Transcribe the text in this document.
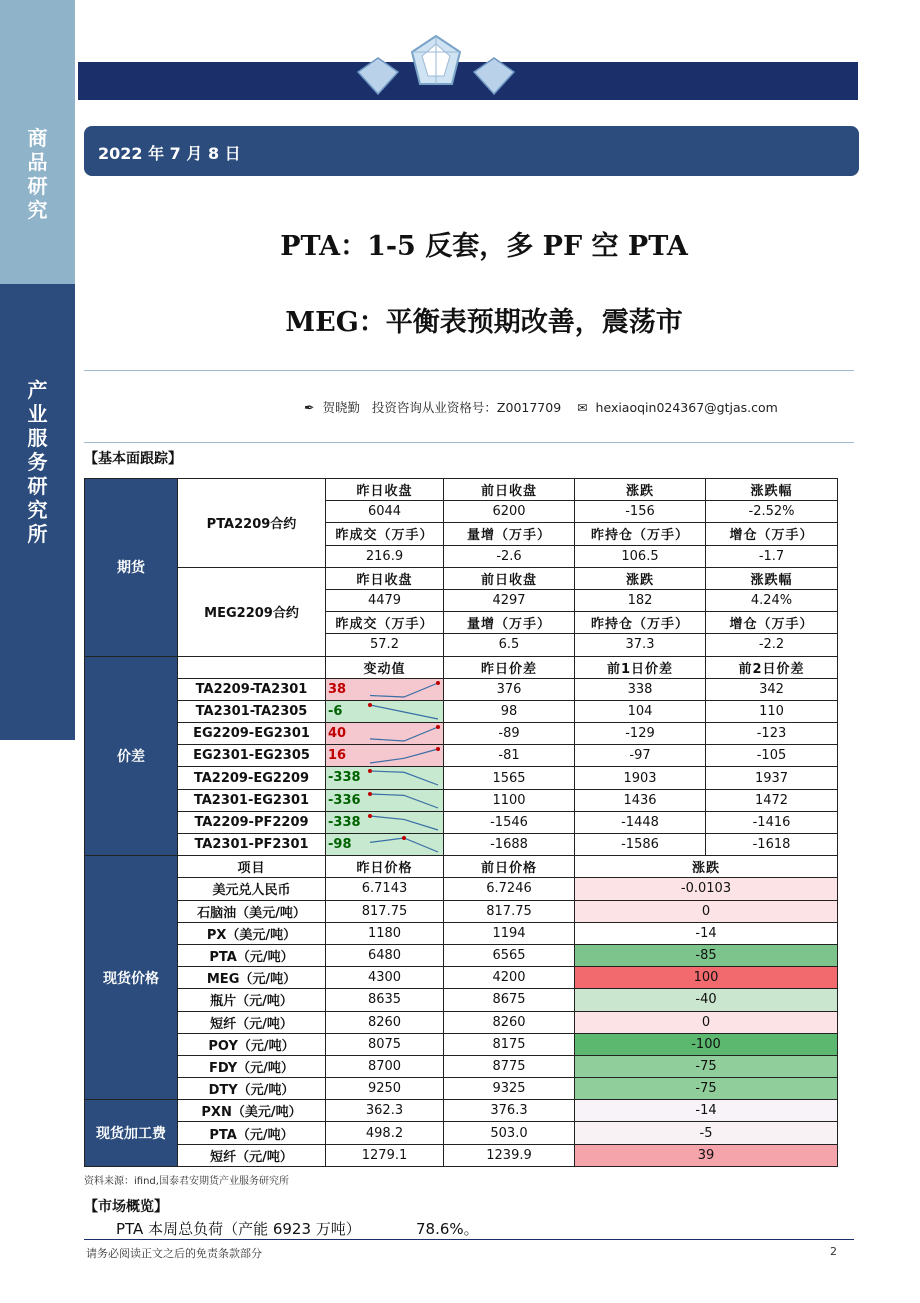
商
品
研
究
产
业
服
务
研
究
所
2022 年 7 月 8 日
PTA：1-5 反套，多 PF 空 PTA
MEG：平衡表预期改善，震荡市
✒ 贺晓勤 投资咨询从业资格号：Z0017709 ✉ hexiaoqin024367@gtjas.com
【基本面跟踪】
期货	PTA2209合约	昨日收盘	前日收盘	涨跌	涨跌幅
		6044	6200	-156	-2.52%
		昨成交（万手）	量增（万手）	昨持仓（万手）	增仓（万手）
		216.9	-2.6	106.5	-1.7
	MEG2209合约	昨日收盘	前日收盘	涨跌	涨跌幅
		4479	4297	182	4.24%
		昨成交（万手）	量增（万手）	昨持仓（万手）	增仓（万手）
		57.2	6.5	37.3	-2.2
价差		变动值	昨日价差	前1日价差	前2日价差
	TA2209-TA2301	38	376	338	342
	TA2301-TA2305	-6	98	104	110
	EG2209-EG2301	40	-89	-129	-123
	EG2301-EG2305	16	-81	-97	-105
	TA2209-EG2209	-338	1565	1903	1937
	TA2301-EG2301	-336	1100	1436	1472
	TA2209-PF2209	-338	-1546	-1448	-1416
	TA2301-PF2301	-98	-1688	-1586	-1618
现货价格	项目	昨日价格	前日价格	涨跌	
	美元兑人民币	6.7143	6.7246	-0.0103	
	石脑油（美元/吨）	817.75	817.75	0	
	PX（美元/吨）	1180	1194	-14	
	PTA（元/吨）	6480	6565	-85	
	MEG（元/吨）	4300	4200	100	
	瓶片（元/吨）	8635	8675	-40	
	短纤（元/吨）	8260	8260	0	
	POY（元/吨）	8075	8175	-100	
	FDY（元/吨）	8700	8775	-75	
	DTY（元/吨）	9250	9325	-75	
现货加工费	PXN（美元/吨）	362.3	376.3	-14	
	PTA（元/吨）	498.2	503.0	-5	
	短纤（元/吨）	1279.1	1239.9	39	
资料来源：ifind,国泰君安期货产业服务研究所
【市场概览】
PTA 本周总负荷（产能 6923 万吨）	78.6%。
请务必阅读正文之后的免责条款部分	2
